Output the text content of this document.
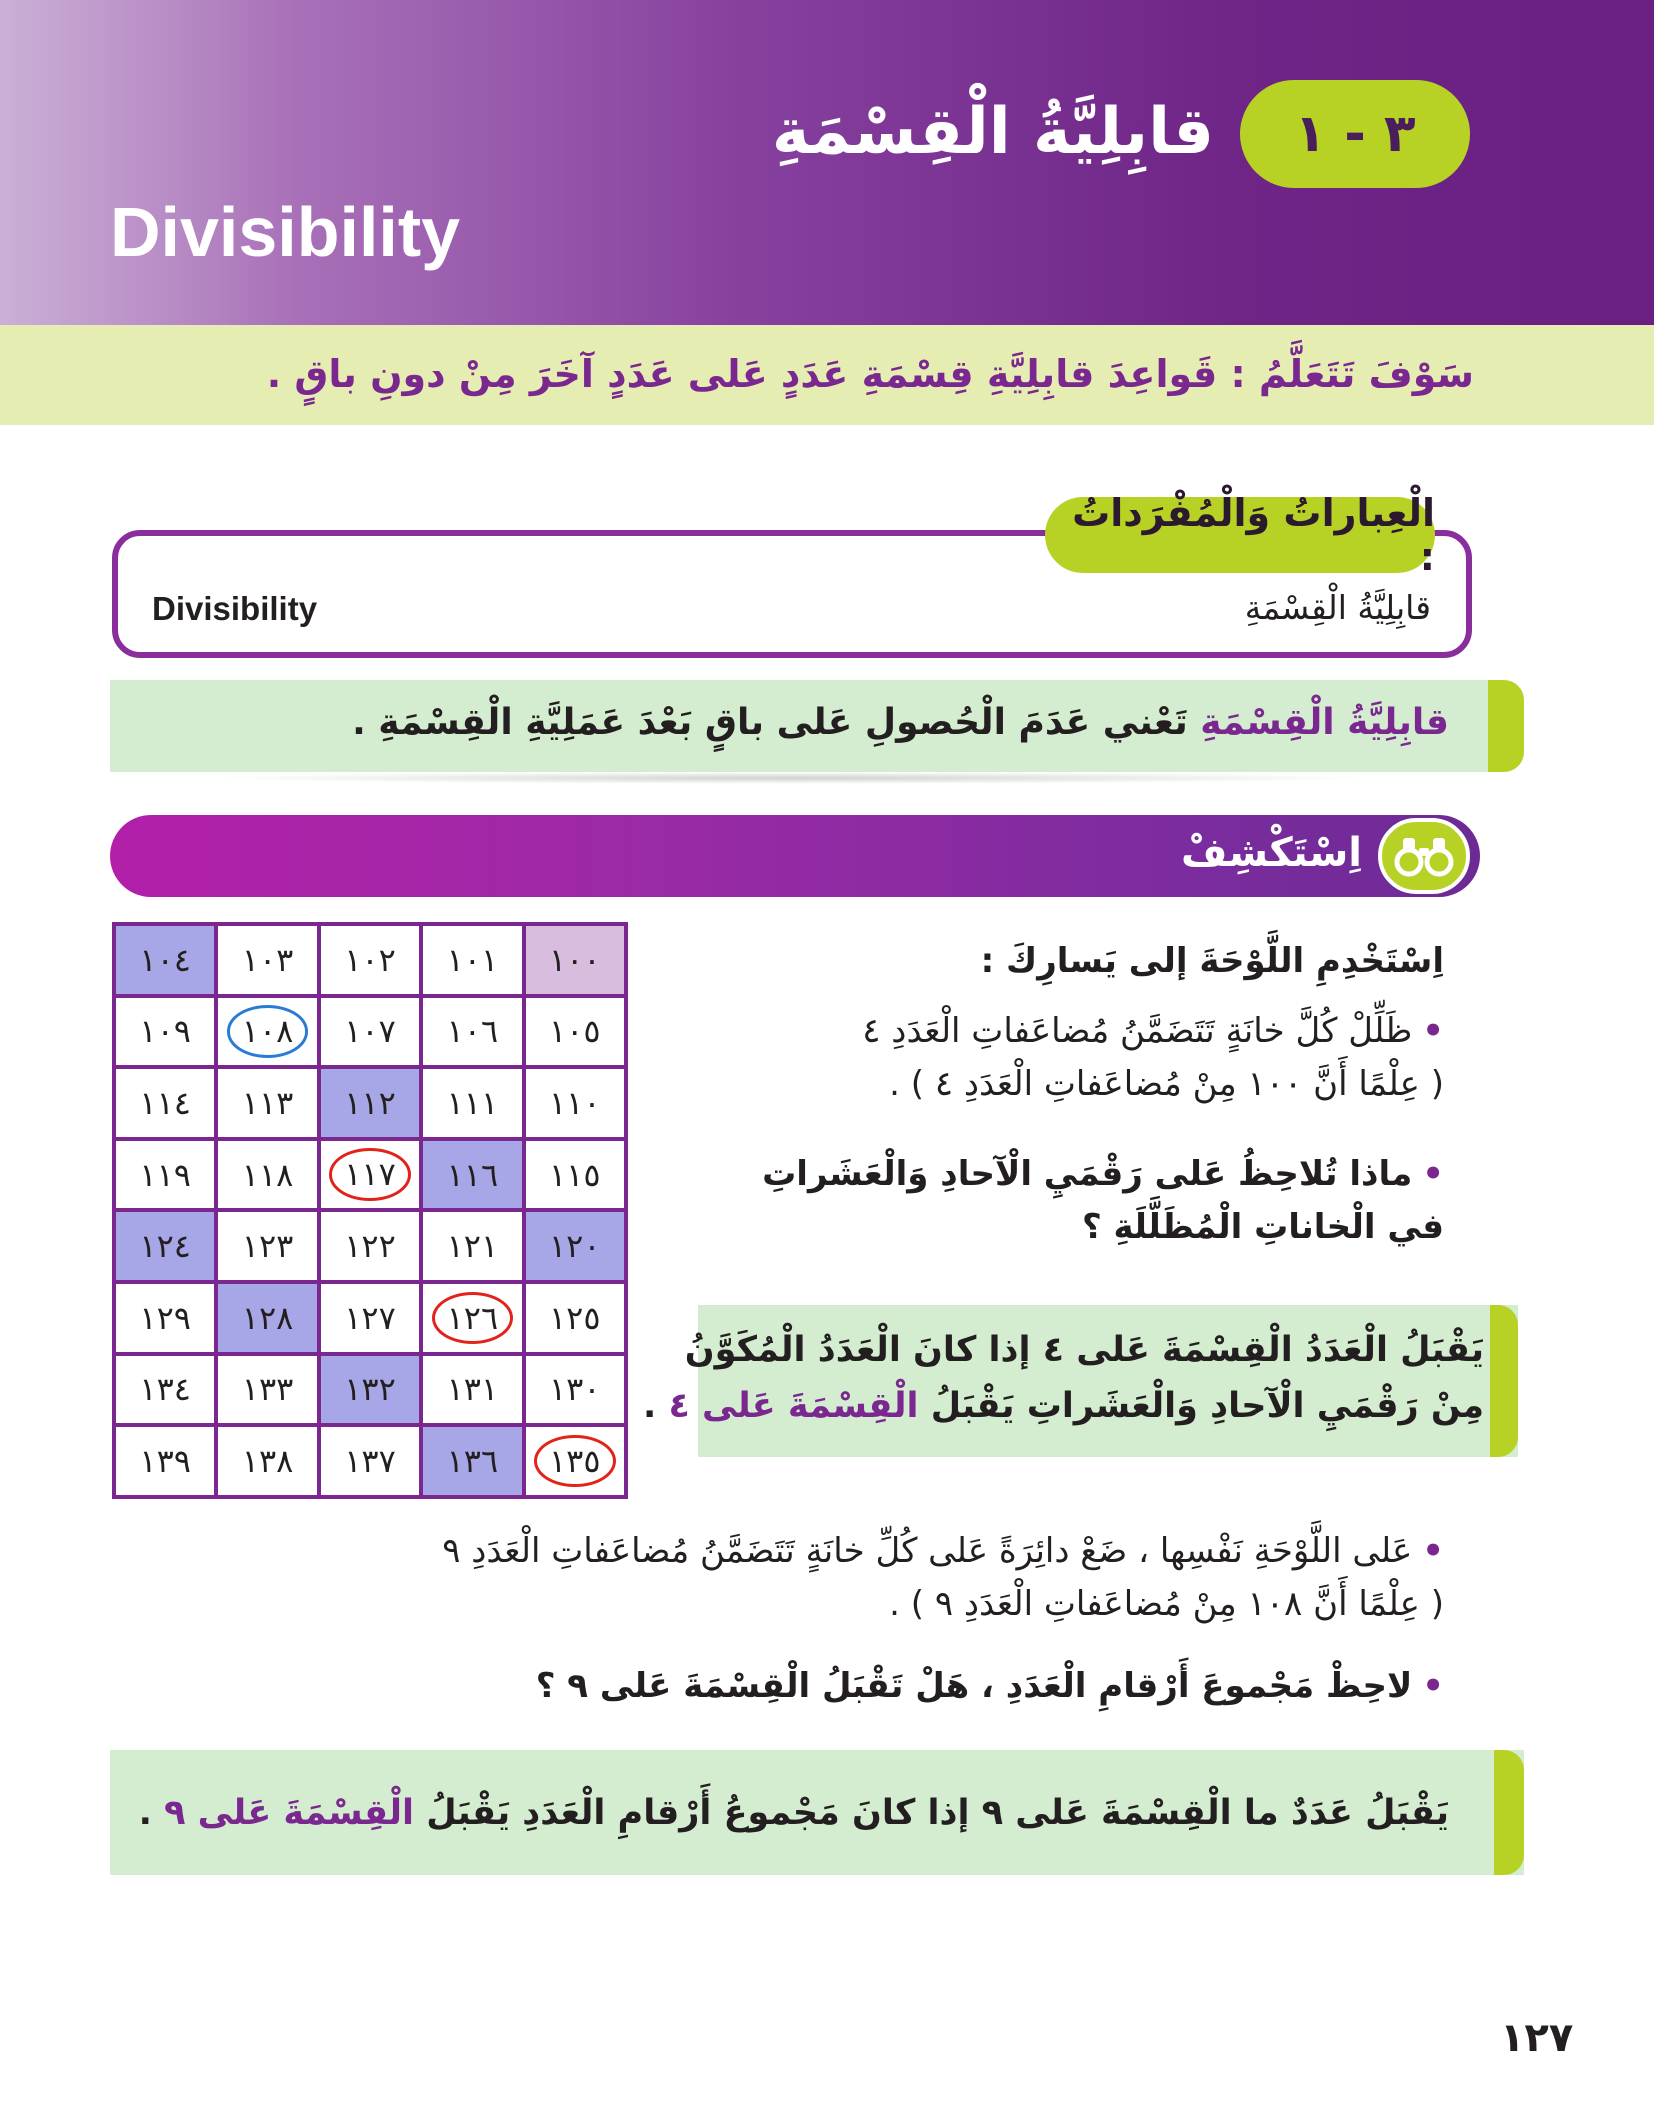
٣ - ١
قابِلِيَّةُ الْقِسْمَةِ
Divisibility
سَوْفَ تَتَعَلَّمُ : قَواعِدَ قابِلِيَّةِ قِسْمَةِ عَدَدٍ عَلى عَدَدٍ آخَرَ مِنْ دونِ باقٍ .
الْعِباراتُ وَالْمُفْرَداتُ :
Divisibility	قابِلِيَّةُ الْقِسْمَةِ
قابِلِيَّةُ الْقِسْمَةِ تَعْني عَدَمَ الْحُصولِ عَلى باقٍ بَعْدَ عَمَلِيَّةِ الْقِسْمَةِ .
اِسْتَكْشِفْ
١٠٤	١٠٣	١٠٢	١٠١	١٠٠
١٠٩	١٠٨	١٠٧	١٠٦	١٠٥
١١٤	١١٣	١١٢	١١١	١١٠
١١٩	١١٨	١١٧	١١٦	١١٥
١٢٤	١٢٣	١٢٢	١٢١	١٢٠
١٢٩	١٢٨	١٢٧	١٢٦	١٢٥
١٣٤	١٣٣	١٣٢	١٣١	١٣٠
١٣٩	١٣٨	١٣٧	١٣٦	١٣٥
اِسْتَخْدِمِ اللَّوْحَةَ إلى يَسارِكَ :
• ظَلِّلْ كُلَّ خانَةٍ تَتَضَمَّنُ مُضاعَفاتِ الْعَدَدِ ٤
( عِلْمًا أَنَّ ١٠٠ مِنْ مُضاعَفاتِ الْعَدَدِ ٤ ) .
• ماذا تُلاحِظُ عَلى رَقْمَيِ الْآحادِ وَالْعَشَراتِ
في الْخاناتِ الْمُظَلَّلَةِ ؟
يَقْبَلُ الْعَدَدُ الْقِسْمَةَ عَلى ٤ إذا كانَ الْعَدَدُ الْمُكَوَّنُ
مِنْ رَقْمَيِ الْآحادِ وَالْعَشَراتِ يَقْبَلُ الْقِسْمَةَ عَلى ٤ .
• عَلى اللَّوْحَةِ نَفْسِها ، ضَعْ دائِرَةً عَلى كُلِّ خانَةٍ تَتَضَمَّنُ مُضاعَفاتِ الْعَدَدِ ٩
( عِلْمًا أَنَّ ١٠٨ مِنْ مُضاعَفاتِ الْعَدَدِ ٩ ) .
• لاحِظْ مَجْموعَ أَرْقامِ الْعَدَدِ ، هَلْ تَقْبَلُ الْقِسْمَةَ عَلى ٩ ؟
يَقْبَلُ عَدَدٌ ما الْقِسْمَةَ عَلى ٩ إذا كانَ مَجْموعُ أَرْقامِ الْعَدَدِ يَقْبَلُ الْقِسْمَةَ عَلى ٩ .
١٢٧
